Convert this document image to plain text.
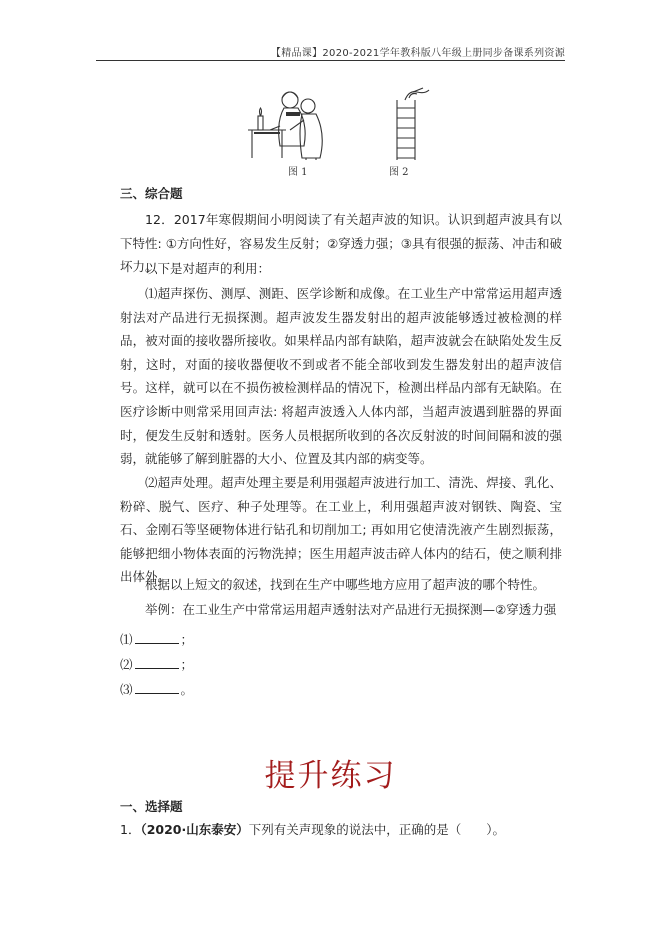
【精品课】2020-2021学年教科版八年级上册同步备课系列资源
图 1	图 2
三、综合题
12．2017年寒假期间小明阅读了有关超声波的知识。认识到超声波具有以下特性: ①方向性好，容易发生反射；②穿透力强；③具有很强的振荡、冲击和破坏力。
以下是对超声的利用：
⑴超声探伤、测厚、测距、医学诊断和成像。在工业生产中常常运用超声透射法对产品进行无损探测。超声波发生器发射出的超声波能够透过被检测的样品，被对面的接收器所接收。如果样品内部有缺陷，超声波就会在缺陷处发生反射，这时，对面的接收器便收不到或者不能全部收到发生器发射出的超声波信号。这样，就可以在不损伤被检测样品的情况下，检测出样品内部有无缺陷。在医疗诊断中则常采用回声法: 将超声波透入人体内部，当超声波遇到脏器的界面时，便发生反射和透射。医务人员根据所收到的各次反射波的时间间隔和波的强弱，就能够了解到脏器的大小、位置及其内部的病变等。
⑵超声处理。超声处理主要是利用强超声波进行加工、清洗、焊接、乳化、粉碎、脱气、医疗、种子处理等。在工业上，利用强超声波对钢铁、陶瓷、宝石、金刚石等坚硬物体进行钻孔和切削加工; 再如用它使清洗液产生剧烈振荡，能够把细小物体表面的污物洗掉；医生用超声波击碎人体内的结石，使之顺利排出体外。
根据以上短文的叙述，找到在生产中哪些地方应用了超声波的哪个特性。
举例：在工业生产中常常运用超声透射法对产品进行无损探测—②穿透力强
⑴	；
⑵	；
⑶	。
提升练习
一、选择题
1．（2020·山东泰安）下列有关声现象的说法中，正确的是（　　）。
